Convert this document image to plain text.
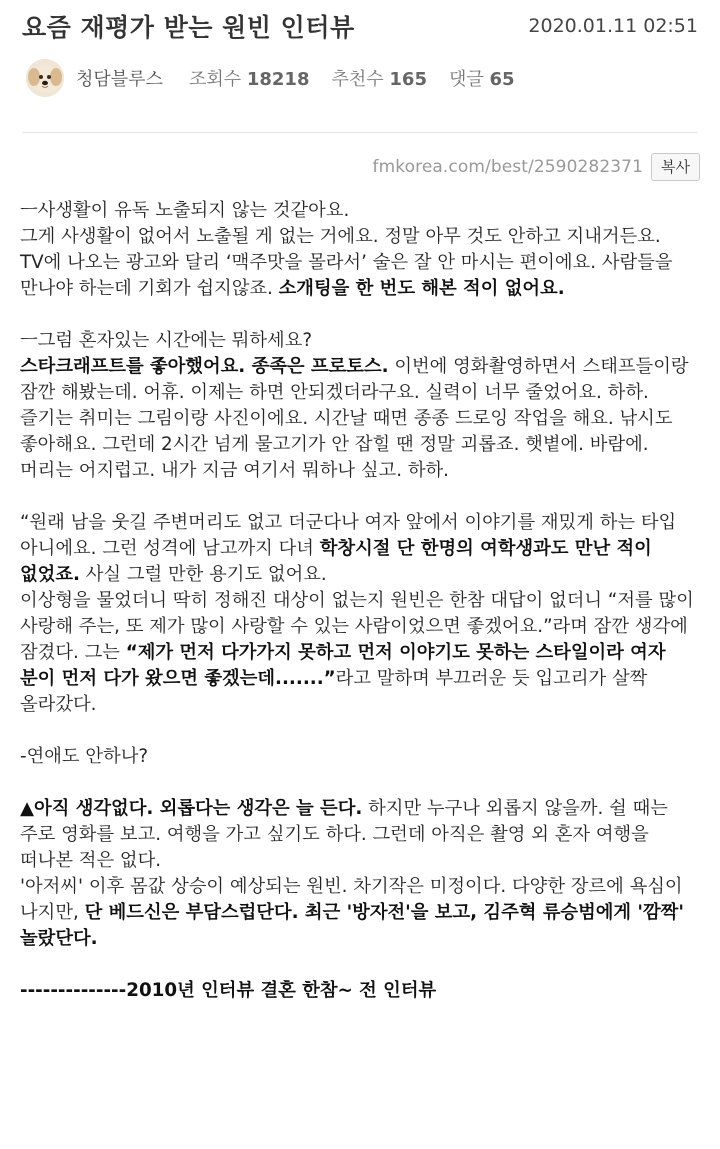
요즘 재평가 받는 원빈 인터뷰	2020.01.11 02:51
청담블루스 조회수 18218 추천수 165 댓글 65
fmkorea.com/best/2590282371	복사

ㅡ사생활이 유독 노출되지 않는 것같아요.
그게 사생활이 없어서 노출될 게 없는 거에요. 정말 아무 것도 안하고 지내거든요. TV에 나오는 광고와 달리 ‘맥주맛을 몰라서’ 술은 잘 안 마시는 편이에요. 사람들을 만나야 하는데 기회가 쉽지않죠. 소개팅을 한 번도 해본 적이 없어요.

ㅡ그럼 혼자있는 시간에는 뭐하세요?
스타크래프트를 좋아했어요. 종족은 프로토스. 이번에 영화촬영하면서 스태프들이랑 잠깐 해봤는데. 어휴. 이제는 하면 안되겠더라구요. 실력이 너무 줄었어요. 하하. 즐기는 취미는 그림이랑 사진이에요. 시간날 때면 종종 드로잉 작업을 해요. 낚시도 좋아해요. 그런데 2시간 넘게 물고기가 안 잡힐 땐 정말 괴롭죠. 햇볕에. 바람에. 머리는 어지럽고. 내가 지금 여기서 뭐하나 싶고. 하하.

“원래 남을 웃길 주변머리도 없고 더군다나 여자 앞에서 이야기를 재밌게 하는 타입 아니에요. 그런 성격에 남고까지 다녀 학창시절 단 한명의 여학생과도 만난 적이 없었죠. 사실 그럴 만한 용기도 없어요.

이상형을 물었더니 딱히 정해진 대상이 없는지 원빈은 한참 대답이 없더니 “저를 많이 사랑해 주는, 또 제가 많이 사랑할 수 있는 사람이었으면 좋겠어요.”라며 잠깐 생각에 잠겼다. 그는 “제가 먼저 다가가지 못하고 먼저 이야기도 못하는 스타일이라 여자 분이 먼저 다가 왔으면 좋겠는데.......”라고 말하며 부끄러운 듯 입고리가 살짝 올라갔다.

-연애도 안하나?

▲아직 생각없다. 외롭다는 생각은 늘 든다. 하지만 누구나 외롭지 않을까. 쉴 때는 주로 영화를 보고. 여행을 가고 싶기도 하다. 그런데 아직은 촬영 외 혼자 여행을 떠나본 적은 없다.

'아저씨' 이후 몸값 상승이 예상되는 원빈. 차기작은 미정이다. 다양한 장르에 욕심이 나지만, 단 베드신은 부담스럽단다. 최근 '방자전'을 보고, 김주혁 류승범에게 '깜짝' 놀랐단다.

--------------2010년 인터뷰 결혼 한참~ 전 인터뷰
